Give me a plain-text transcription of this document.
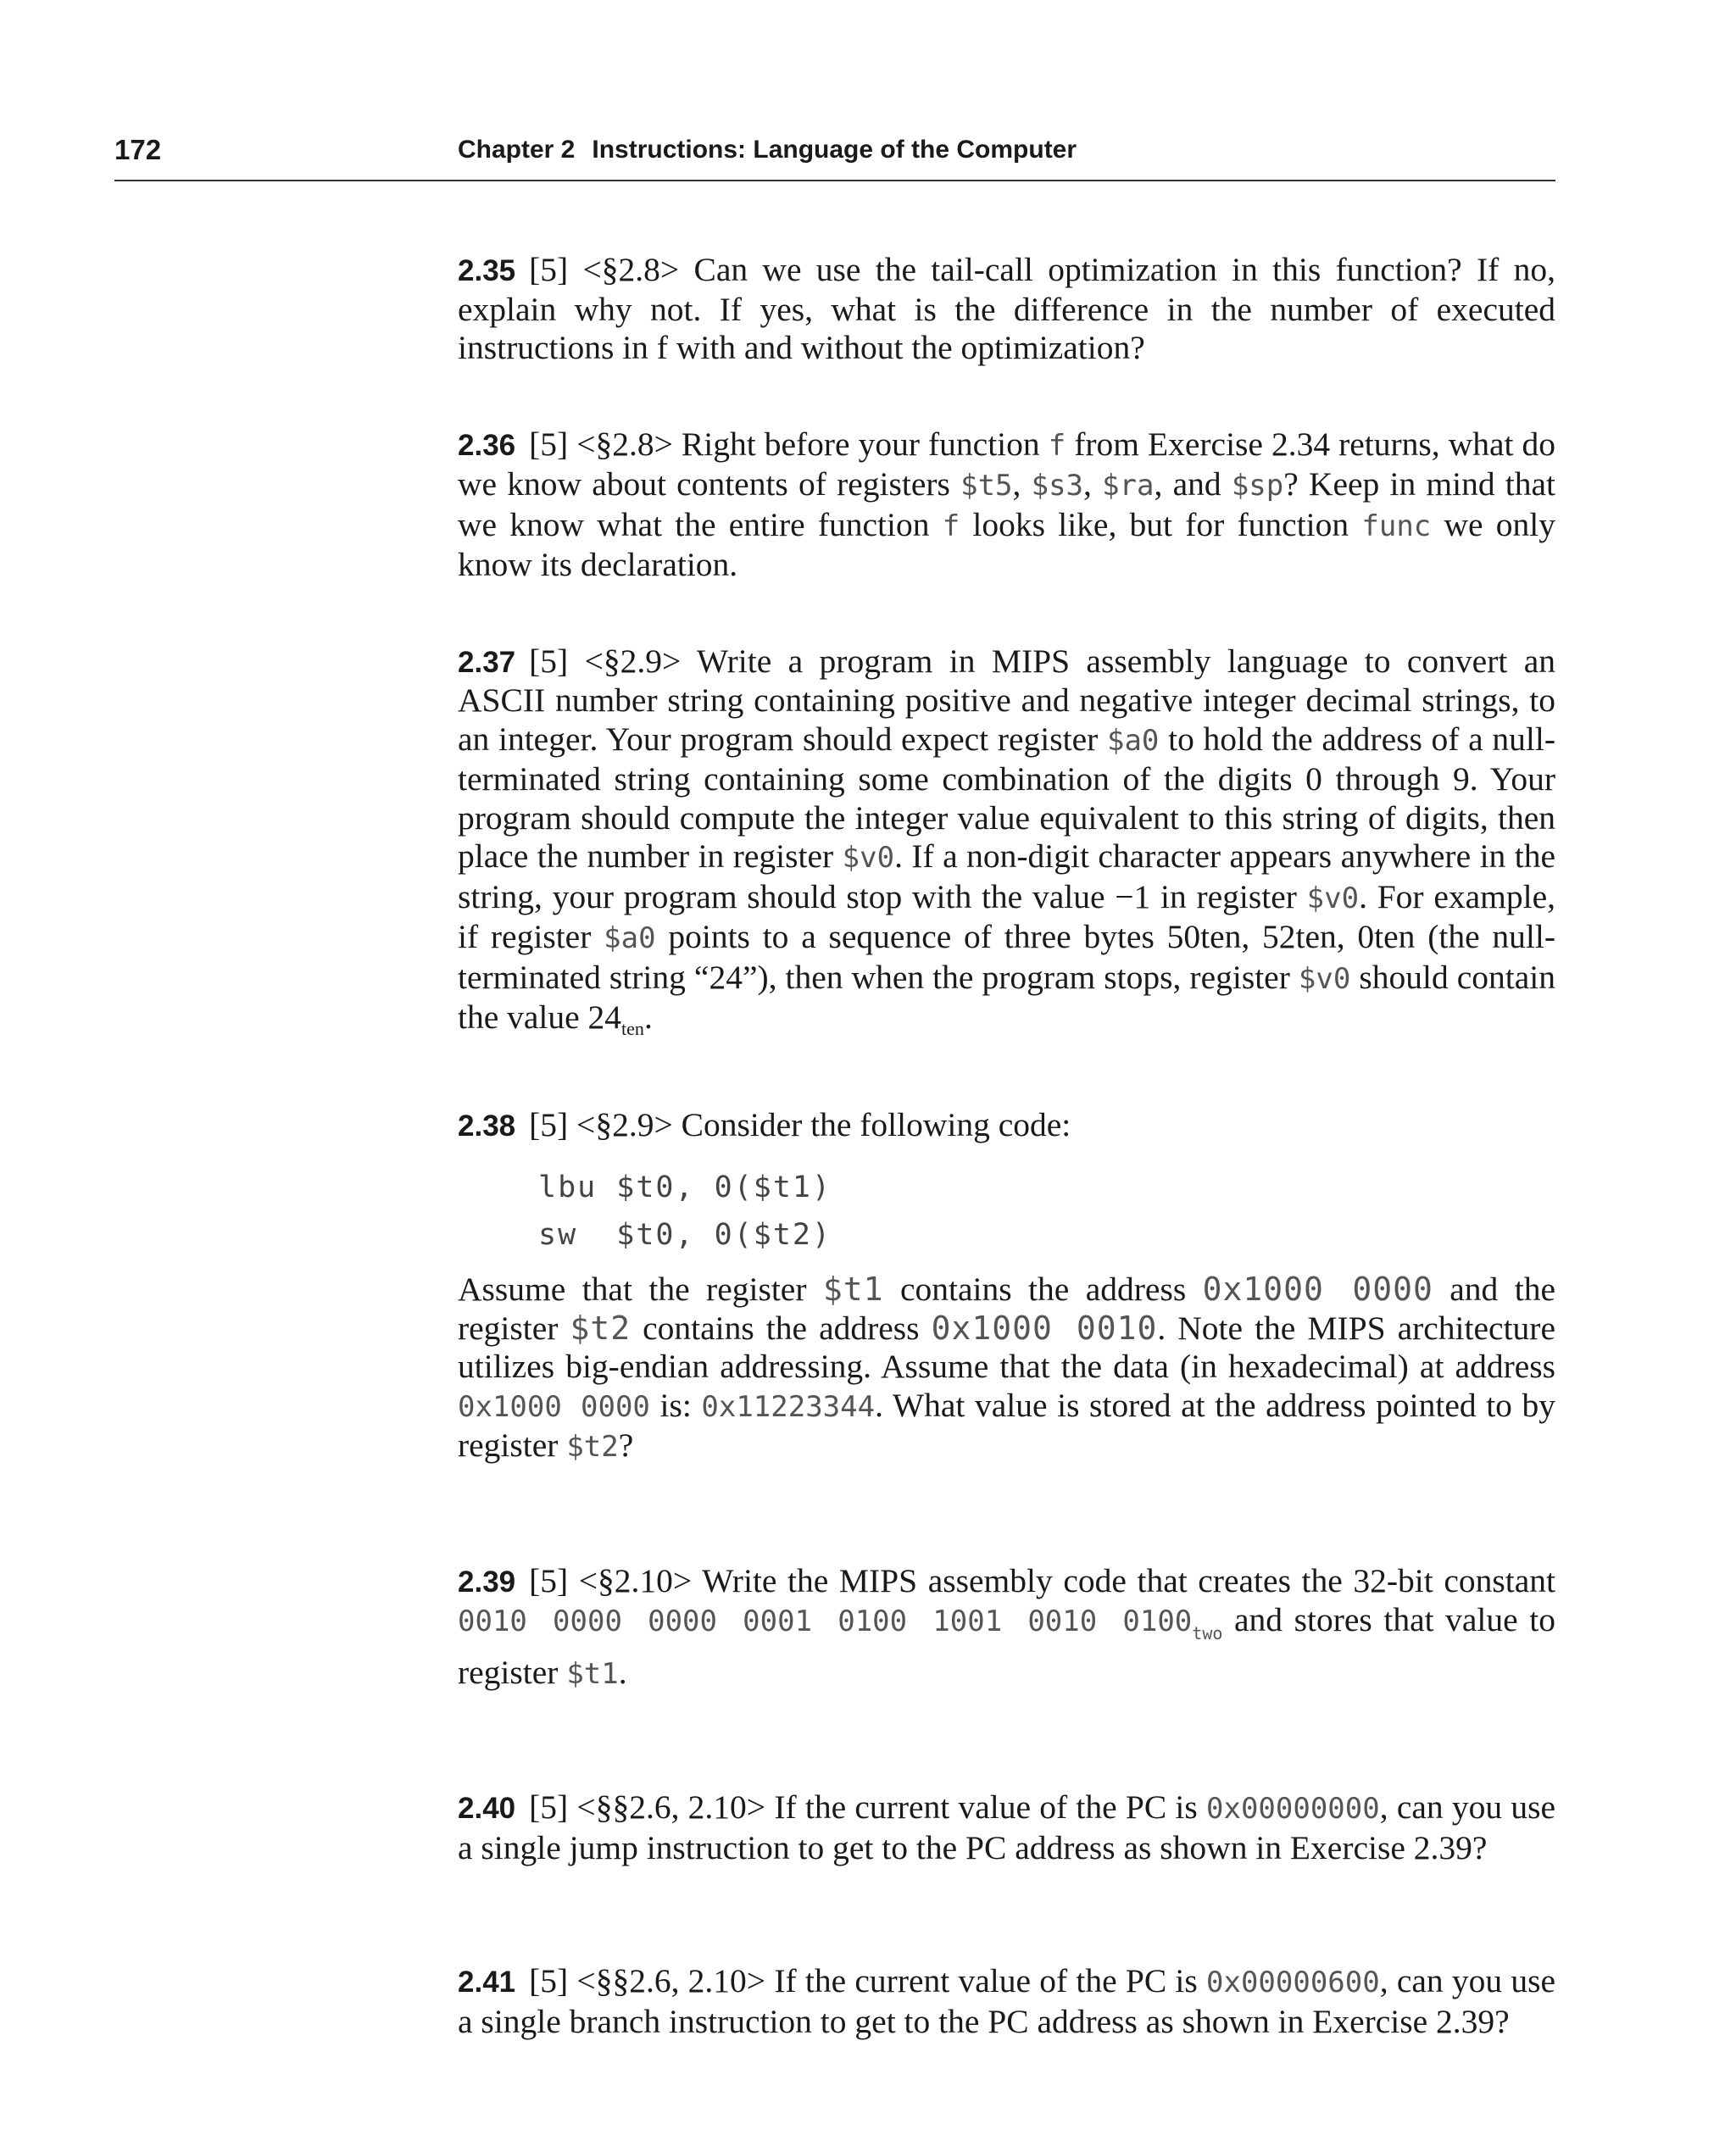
172	Chapter 2 Instructions: Language of the Computer

2.35 [5] <§2.8> Can we use the tail-call optimization in this function? If no, explain why not. If yes, what is the difference in the number of executed instructions in f with and without the optimization?

2.36 [5] <§2.8> Right before your function f from Exercise 2.34 returns, what do we know about contents of registers $t5, $s3, $ra, and $sp? Keep in mind that we know what the entire function f looks like, but for function func we only know its declaration.

2.37 [5] <§2.9> Write a program in MIPS assembly language to convert an ASCII number string containing positive and negative integer decimal strings, to an integer. Your program should expect register $a0 to hold the address of a null-terminated string containing some combination of the digits 0 through 9. Your program should compute the integer value equivalent to this string of digits, then place the number in register $v0. If a non-digit character appears anywhere in the string, your program should stop with the value −1 in register $v0. For example, if register $a0 points to a sequence of three bytes 50ten, 52ten, 0ten (the null-terminated string “24”), then when the program stops, register $v0 should contain the value $24_{ten}$.

2.38 [5] <§2.9> Consider the following code:

lbu $t0, 0($t1)
sw  $t0, 0($t2)

Assume that the register $t1 contains the address 0x1000 0000 and the register $t2 contains the address 0x1000 0010. Note the MIPS architecture utilizes big-endian addressing. Assume that the data (in hexadecimal) at address 0x1000 0000 is: 0x11223344. What value is stored at the address pointed to by register $t2?

2.39 [5] <§2.10> Write the MIPS assembly code that creates the 32-bit constant 0010 0000 0000 0001 0100 1001 0010 $0100_{two}$ and stores that value to register $t1.

2.40 [5] <§§2.6, 2.10> If the current value of the PC is 0x00000000, can you use a single jump instruction to get to the PC address as shown in Exercise 2.39?

2.41 [5] <§§2.6, 2.10> If the current value of the PC is 0x00000600, can you use a single branch instruction to get to the PC address as shown in Exercise 2.39?
